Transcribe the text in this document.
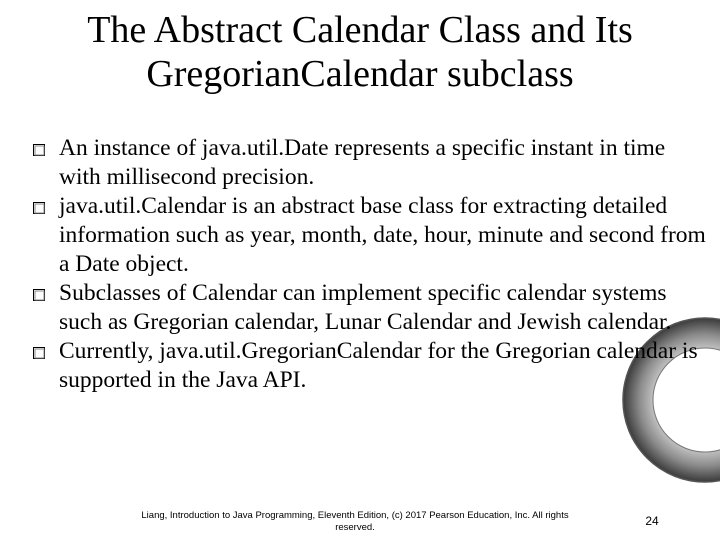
The Abstract Calendar Class and Its
GregorianCalendar subclass
An instance of java.util.Date represents a specific instant in time with millisecond precision.
java.util.Calendar is an abstract base class for extracting detailed information such as year, month, date, hour, minute and second from a Date object.
Subclasses of Calendar can implement specific calendar systems such as Gregorian calendar, Lunar Calendar and Jewish calendar.
Currently, java.util.GregorianCalendar for the Gregorian calendar is supported in the Java API.
Liang, Introduction to Java Programming, Eleventh Edition, (c) 2017 Pearson Education, Inc. All rights reserved.	24
